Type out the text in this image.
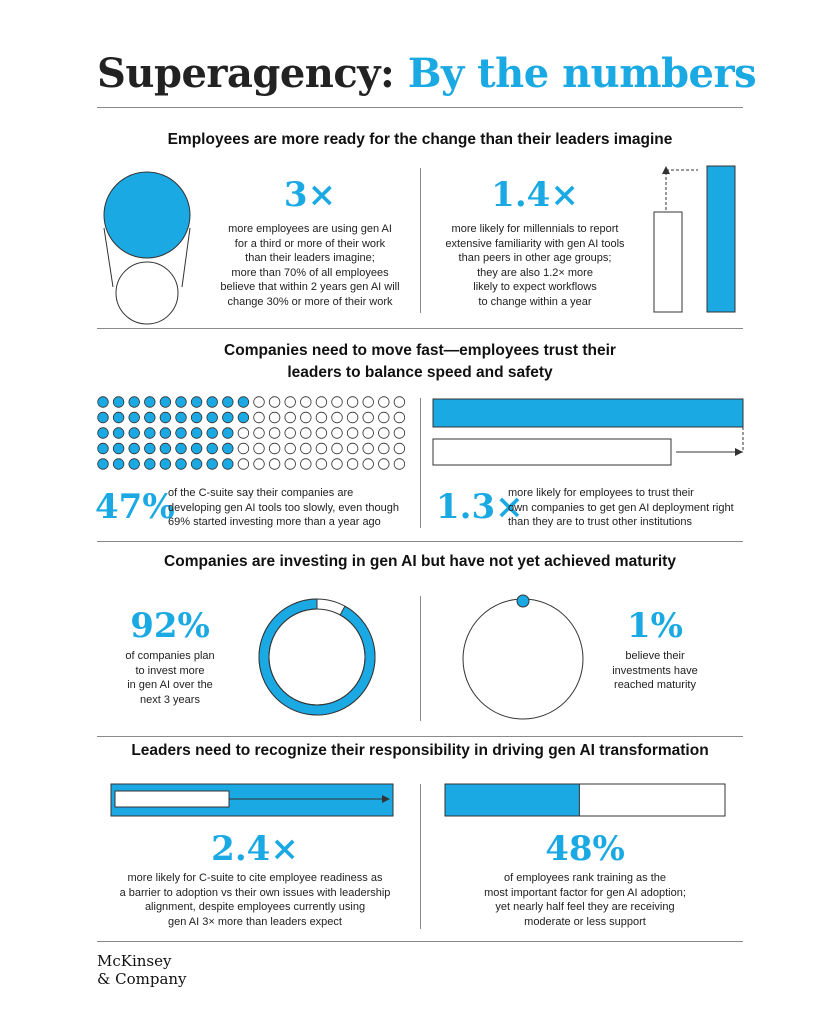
Superagency: By the numbers
Employees are more ready for the change than their leaders imagine
3×
more employees are using gen AI
for a third or more of their work
than their leaders imagine;
more than 70% of all employees
believe that within 2 years gen AI will
change 30% or more of their work
1.4×
more likely for millennials to report
extensive familiarity with gen AI tools
than peers in other age groups;
they are also 1.2× more
likely to expect workflows
to change within a year
Companies need to move fast—employees trust their
leaders to balance speed and safety
47%
of the C-suite say their companies are
developing gen AI tools too slowly, even though
69% started investing more than a year ago	1.3×
more likely for employees to trust their
own companies to get gen AI deployment right
than they are to trust other institutions
Companies are investing in gen AI but have not yet achieved maturity
92%
of companies plan
to invest more
in gen AI over the
next 3 years
1%
believe their
investments have
reached maturity
Leaders need to recognize their responsibility in driving gen AI transformation
2.4×
more likely for C-suite to cite employee readiness as
a barrier to adoption vs their own issues with leadership
alignment, despite employees currently using
gen AI 3× more than leaders expect
48%
of employees rank training as the
most important factor for gen AI adoption;
yet nearly half feel they are receiving
moderate or less support
McKinsey
& Company
